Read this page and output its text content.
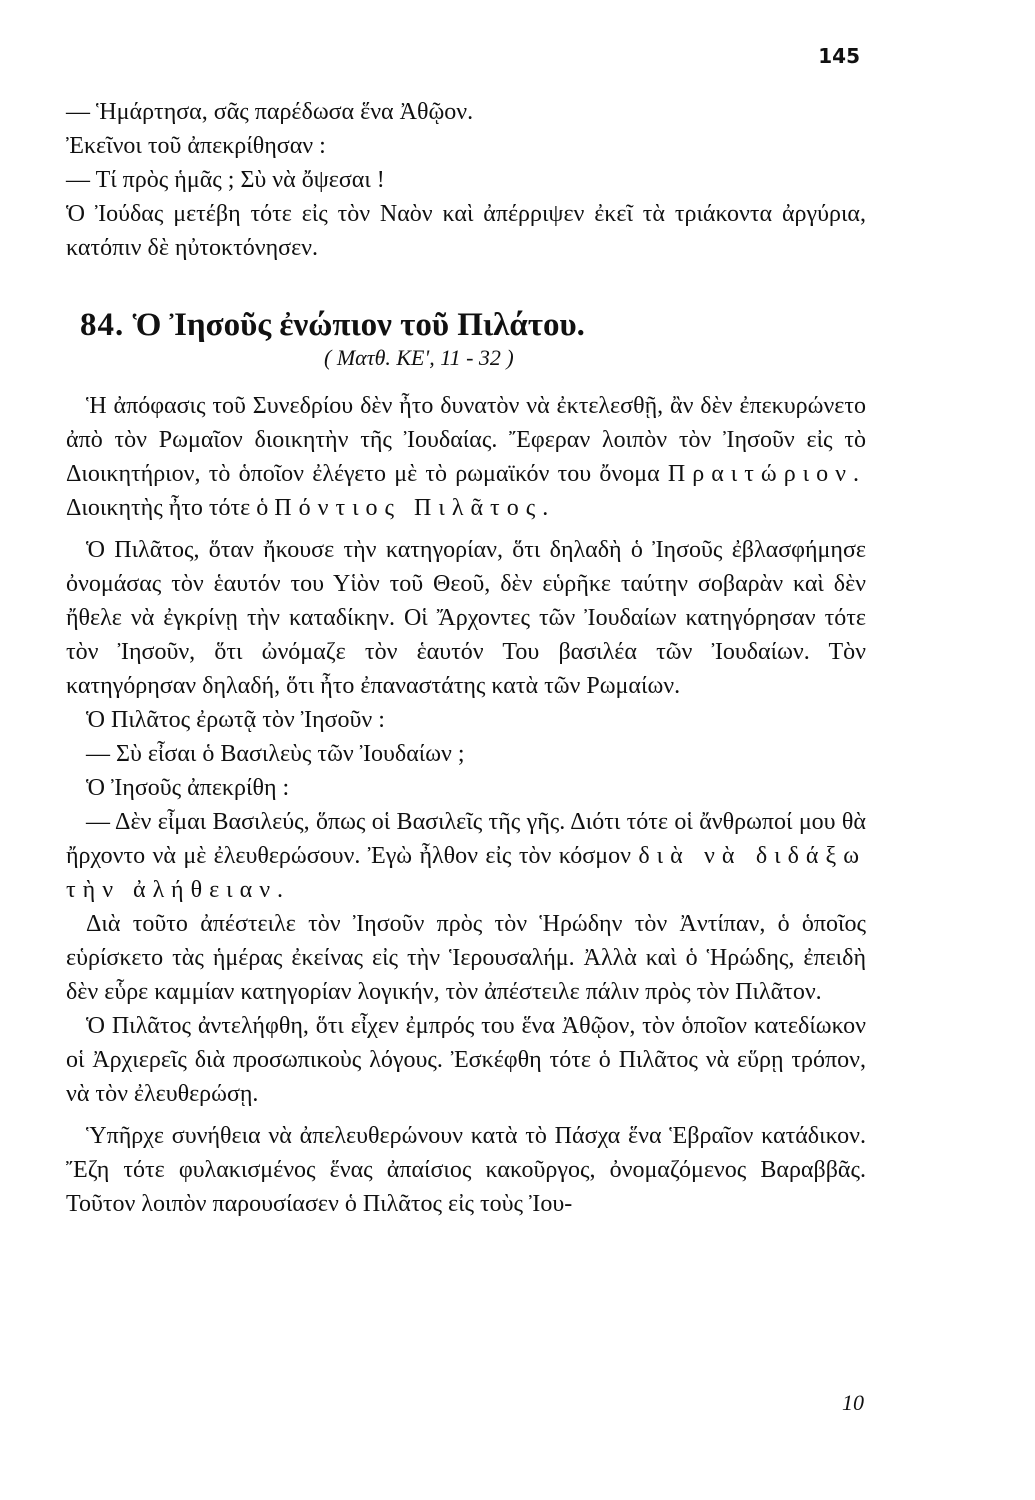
145

— Ἡμάρτησα, σᾶς παρέδωσα ἕνα Ἀθῷον.

Ἐκεῖνοι τοῦ ἀπεκρίθησαν :

— Τί πρὸς ἡμᾶς ; Σὺ νὰ ὄψεσαι !

Ὁ Ἰούδας μετέβη τότε εἰς τὸν Ναὸν καὶ ἀπέρριψεν ἐκεῖ τὰ τριάκοντα ἀργύρια, κατόπιν δὲ ηὐτοκτόνησεν.

84. Ὁ Ἰησοῦς ἐνώπιον τοῦ Πιλάτου.
( Ματθ. ΚΕ', 11 - 32 )

Ἡ ἀπόφασις τοῦ Συνεδρίου δὲν ἦτο δυνατὸν νὰ ἐκτελεσθῇ, ἂν δὲν ἐπεκυρώνετο ἀπὸ τὸν Ρωμαῖον διοικητὴν τῆς Ἰουδαίας. Ἔφεραν λοιπὸν τὸν Ἰησοῦν εἰς τὸ Διοικητήριον, τὸ ὁποῖον ἐλέγετο μὲ τὸ ρωμαϊκόν του ὄνομα Πραιτώριον. Διοικητὴς ἦτο τότε ὁ Πόντιος Πιλᾶτος.

Ὁ Πιλᾶτος, ὅταν ἤκουσε τὴν κατηγορίαν, ὅτι δηλαδὴ ὁ Ἰησοῦς ἐβλασφήμησε ὀνομάσας τὸν ἑαυτόν του Υἱὸν τοῦ Θεοῦ, δὲν εὑρῆκε ταύτην σοβαρὰν καὶ δὲν ἤθελε νὰ ἐγκρίνῃ τὴν καταδίκην. Οἱ Ἄρχοντες τῶν Ἰουδαίων κατηγόρησαν τότε τὸν Ἰησοῦν, ὅτι ὠνόμαζε τὸν ἑαυτόν Του βασιλέα τῶν Ἰουδαίων. Τὸν κατηγόρησαν δηλαδή, ὅτι ἦτο ἐπαναστάτης κατὰ τῶν Ρωμαίων.

Ὁ Πιλᾶτος ἐρωτᾷ τὸν Ἰησοῦν :

— Σὺ εἶσαι ὁ Βασιλεὺς τῶν Ἰουδαίων ;

Ὁ Ἰησοῦς ἀπεκρίθη :

— Δὲν εἶμαι Βασιλεύς, ὅπως οἱ Βασιλεῖς τῆς γῆς. Διότι τότε οἱ ἄνθρωποί μου θὰ ἤρχοντο νὰ μὲ ἐλευθερώσουν. Ἐγὼ ἦλθον εἰς τὸν κόσμον διὰ νὰ διδάξω τὴν ἀλήθειαν.

Διὰ τοῦτο ἀπέστειλε τὸν Ἰησοῦν πρὸς τὸν Ἡρώδην τὸν Ἀντίπαν, ὁ ὁποῖος εὑρίσκετο τὰς ἡμέρας ἐκείνας εἰς τὴν Ἱερουσαλήμ. Ἀλλὰ καὶ ὁ Ἡρώδης, ἐπειδὴ δὲν εὗρε καμμίαν κατηγορίαν λογικήν, τὸν ἀπέστειλε πάλιν πρὸς τὸν Πιλᾶτον.

Ὁ Πιλᾶτος ἀντελήφθη, ὅτι εἶχεν ἐμπρός του ἕνα Ἀθῷον, τὸν ὁποῖον κατεδίωκον οἱ Ἀρχιερεῖς διὰ προσωπικοὺς λόγους. Ἐσκέφθη τότε ὁ Πιλᾶτος νὰ εὕρῃ τρόπον, νὰ τὸν ἐλευθερώσῃ.

Ὑπῆρχε συνήθεια νὰ ἀπελευθερώνουν κατὰ τὸ Πάσχα ἕνα Ἑβραῖον κατάδικον. Ἔζη τότε φυλακισμένος ἕνας ἀπαίσιος κακοῦργος, ὀνομαζόμενος Βαραββᾶς. Τοῦτον λοιπὸν παρουσίασεν ὁ Πιλᾶτος εἰς τοὺς Ἰου-

10
